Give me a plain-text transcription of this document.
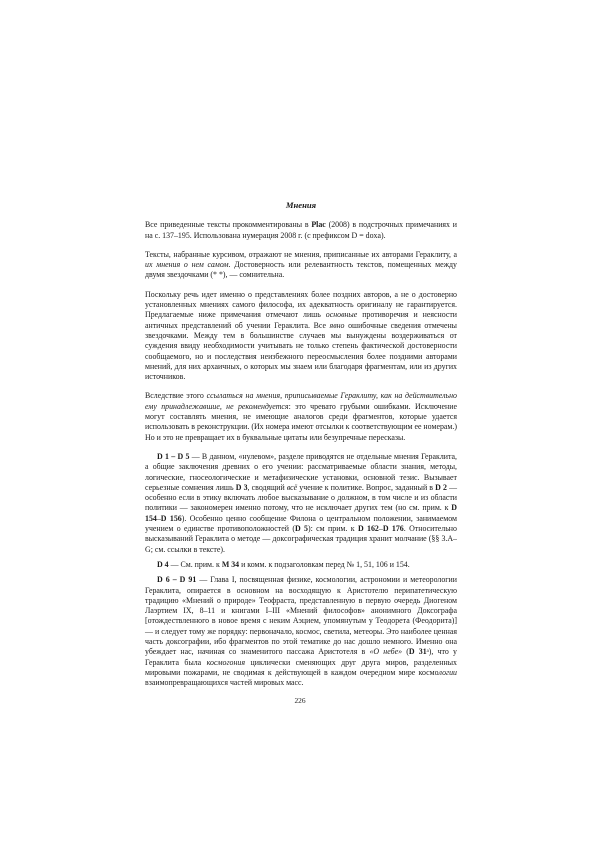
Мнения

Все приведенные тексты прокомментированы в Plac (2008) в подстрочных примечаниях и на с. 137–195. Использована нумерация 2008 г. (с префиксом D = doxa).

Тексты, набранные курсивом, отражают не мнения, приписанные их авторами Гераклиту, а их мнения о нем самом. Достоверность или релевантность текстов, помещенных между двумя звездочками (* *), — сомнительна.

Поскольку речь идет именно о представлениях более поздних авторов, а не о достоверно установленных мнениях самого философа, их адекватность оригиналу не гарантируется. Предлагаемые ниже примечания отмечают лишь основные противоречия и неясности античных представлений об учении Гераклита. Все явно ошибочные сведения отмечены звездочками. Между тем в большинстве случаев мы вынуждены воздерживаться от суждения ввиду необходимости учитывать не только степень фактической достоверности сообщаемого, но и последствия неизбежного переосмысления более поздними авторами мнений, для них архаичных, о которых мы знаем или благодаря фрагментам, или из других источников.

Вследствие этого ссылаться на мнения, приписываемые Гераклиту, как на действительно ему принадлежавшие, не рекомендуется: это чревато грубыми ошибками. Исключение могут составлять мнения, не имеющие аналогов среди фрагментов, которые удается использовать в реконструкции. (Их номера имеют отсылки к соответствующим ее номерам.) Но и это не превращает их в буквальные цитаты или безупречные пересказы.

D 1 – D 5 — В данном, «нулевом», разделе приводятся не отдельные мнения Гераклита, а общие заключения древних о его учении: рассматриваемые области знания, методы, логические, гносеологические и метафизические установки, основной тезис. Вызывает серьезные сомнения лишь D 3, сводящий всё учение к политике. Вопрос, заданный в D 2 — особенно если в этику включать любое высказывание о должном, в том числе и из области политики — закономерен именно потому, что не исключает других тем (но см. прим. к D 154–D 156). Особенно ценно сообщение Филона о центральном положении, занимаемом учением о единстве противоположностей (D 5): см прим. к D 162–D 176. Относительно высказываний Гераклита о методе — доксографическая традиция хранит молчание (§§ 3.A–G; см. ссылки в тексте).

D 4 — См. прим. к M 34 и комм. к подзаголовкам перед № 1, 51, 106 и 154.

D 6 – D 91 — Глава I, посвященная физике, космологии, астрономии и метеорологии Гераклита, опирается в основном на восходящую к Аристотелю перипатетическую традицию «Мнений о природе» Теофраста, представленную в первую очередь Диогеном Лаэртием IX, 8–11 и книгами I–III «Мнений философов» анонимного Доксографа [отождествленного в новое время с неким Аэцием, упомянутым у Теодорета (Феодорита)] — и следует тому же порядку: первоначало, космос, светила, метеоры. Это наиболее ценная часть доксографии, ибо фрагментов по этой тематике до нас дошло немного. Именно она убеждает нас, начиная со знаменитого пассажа Аристотеля в «О небе» (D 31ᵃ), что у Гераклита была космогония циклически сменяющих друг друга миров, разделенных мировыми пожарами, не сводимая к действующей в каждом очередном мире космологии взаимопревращающихся частей мировых масс.

226
